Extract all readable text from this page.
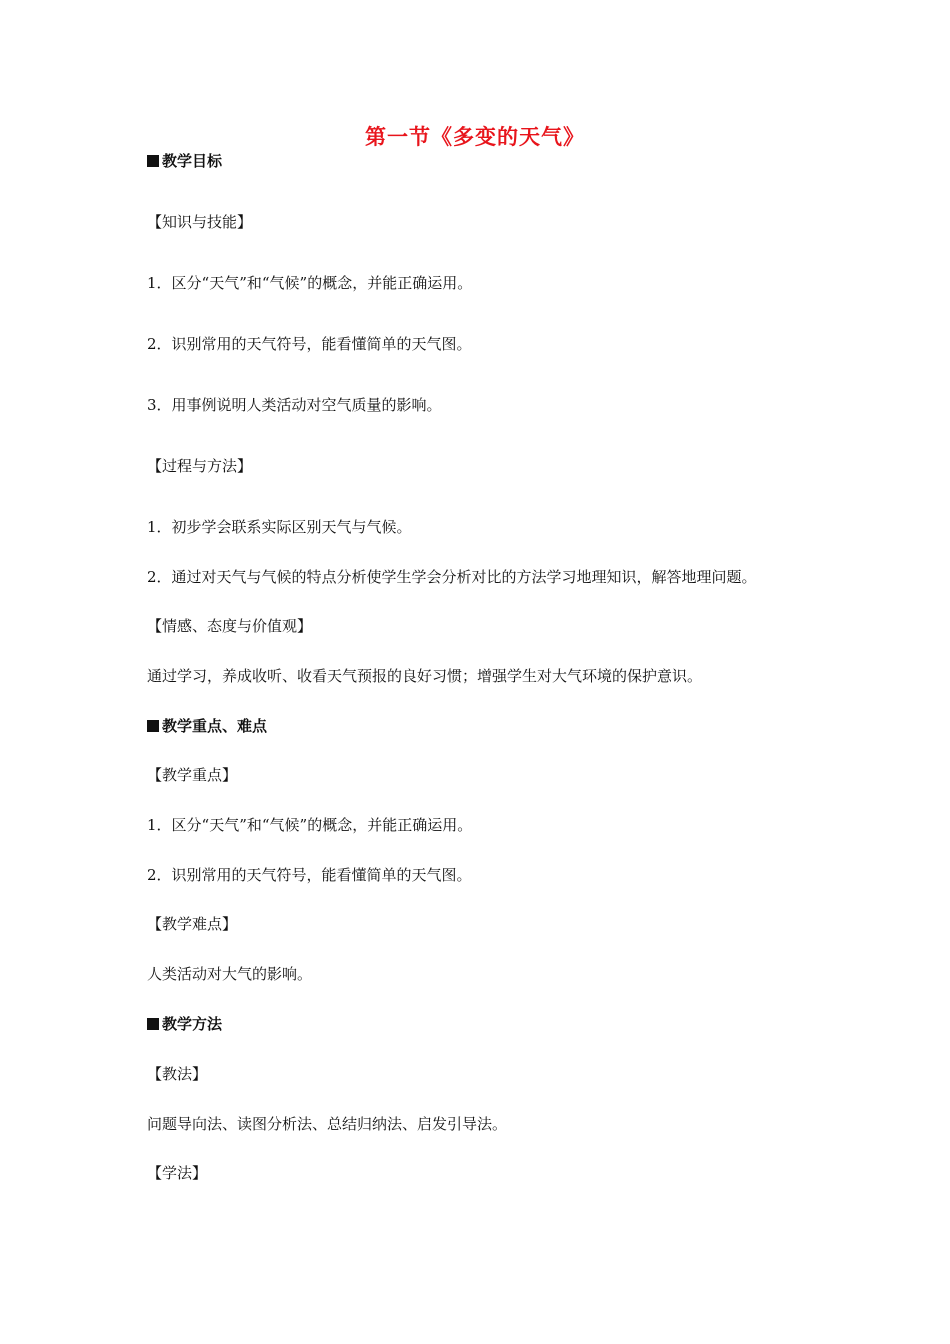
第一节《多变的天气》
教学目标
【知识与技能】
1．区分“天气”和“气候”的概念，并能正确运用。
2．识别常用的天气符号，能看懂简单的天气图。
3．用事例说明人类活动对空气质量的影响。
【过程与方法】
1．初步学会联系实际区别天气与气候。
2．通过对天气与气候的特点分析使学生学会分析对比的方法学习地理知识，解答地理问题。
【情感、态度与价值观】
通过学习，养成收听、收看天气预报的良好习惯；增强学生对大气环境的保护意识。
教学重点、难点
【教学重点】
1．区分“天气”和“气候”的概念，并能正确运用。
2．识别常用的天气符号，能看懂简单的天气图。
【教学难点】
人类活动对大气的影响。
教学方法
【教法】
问题导向法、读图分析法、总结归纳法、启发引导法。
【学法】
